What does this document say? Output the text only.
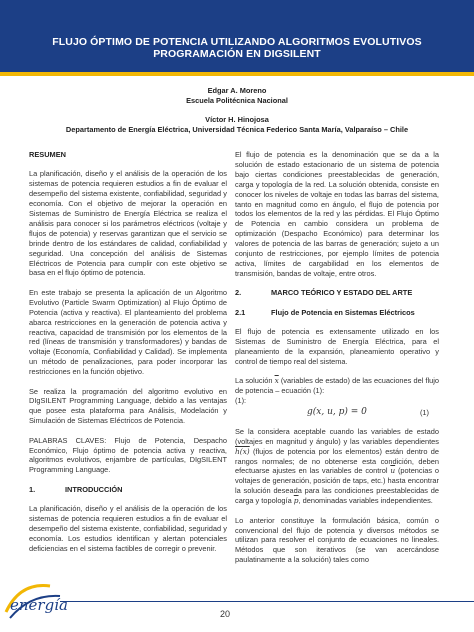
FLUJO ÓPTIMO DE POTENCIA UTILIZANDO ALGORITMOS EVOLUTIVOS
PROGRAMACIÓN EN DIGSILENT
Edgar A. Moreno
Escuela Politécnica Nacional
Víctor H. Hinojosa
Departamento de Energía Eléctrica, Universidad Técnica Federico Santa María, Valparaíso – Chile
RESUMEN

La planificación, diseño y el análisis de la operación de los sistemas de potencia requieren estudios a fin de evaluar el desempeño del sistema existente, confiabilidad, seguridad y economía. Con el objetivo de mejorar la operación en Sistemas de Suministro de Energía Eléctrica se realiza el análisis para conocer si los parámetros eléctricos (voltaje y flujos de potencia) y reservas garantizan que el servicio se brinde dentro de los estándares de calidad, confiabilidad y seguridad. Una concepción del análisis de Sistemas Eléctricos de Potencia para cumplir con este objetivo se basa en el flujo óptimo de potencia.

En este trabajo se presenta la aplicación de un Algoritmo Evolutivo (Particle Swarm Optimization) al Flujo Óptimo de Potencia (activa y reactiva). El planteamiento del problema abarca restricciones en la generación de potencia activa y reactiva, capacidad de transmisión por los elementos de la red (líneas de transmisión y transformadores) y bandas de voltaje (Economía, Confiabilidad y Calidad). Se implementa un método de penalizaciones, para poder incorporar las restricciones en la función objetivo.

Se realiza la programación del algoritmo evolutivo en DIgSILENT Programming Language, debido a las ventajas que posee esta plataforma para Análisis, Modelación y Simulación de Sistemas Eléctricos de Potencia.

PALABRAS CLAVES: Flujo de Potencia, Despacho Económico, Flujo óptimo de potencia activa y reactiva, algoritmos evolutivos, enjambre de partículas, DIgSILENT Programming Language.

1.	INTRODUCCIÓN

La planificación, diseño y el análisis de la operación de los sistemas de potencia requieren estudios a fin de evaluar el desempeño del sistema existente, confiabilidad, seguridad y economía. Los estudios identifican y alertan potenciales deficiencias en el sistema factibles de corregir o prevenir.

El flujo de potencia es la denominación que se da a la solución de estado estacionario de un sistema de potencia bajo ciertas condiciones preestablecidas de generación, carga y topología de la red. La solución obtenida, consiste en conocer los niveles de voltaje en todas las barras del sistema, tanto en magnitud como en ángulo, el flujo de potencia por todos los elementos de la red y las pérdidas. El Flujo Óptimo de Potencia en cambio considera un problema de optimización (Despacho Económico) para determinar los valores de potencia de las barras de generación; sujeto a un conjunto de restricciones, por ejemplo límites de potencia activa, límites de cargabilidad en los elementos de transmisión, bandas de voltaje, entre otros.

2.	MARCO TEÓRICO Y ESTADO DEL ARTE
2.1	Flujo de Potencia en Sistemas Eléctricos

El flujo de potencia es extensamente utilizado en los Sistemas de Suministro de Energía Eléctrica, para el planeamiento de la expansión, planeamiento operativo y control de tiempo real del sistema.

La solución $\overline{x}$ (variables de estado) de las ecuaciones del flujo de potencia – ecuación (1):
(1):

g(x, u, p) = 0	(1)

Se la considera aceptable cuando las variables de estado (voltajes en magnitud y ángulo) y las variables dependientes h(x) (flujos de potencia por los elementos) están dentro de rangos normales; de no obtenerse esta condición, deben efectuarse ajustes en las variables de control $\overline{u}$ (potencias o voltajes de generación, posición de taps, etc.) hasta encontrar la solución deseada para las condiciones preestablecidas de carga y topología $\overline{p}$, denominadas variables independientes.

Lo anterior constituye la formulación básica, común o convencional del flujo de potencia y diversos métodos se utilizan para resolver el conjunto de ecuaciones no lineales. Métodos que son iterativos (se van acercándose paulatinamente a la solución) tales como

energía	20
